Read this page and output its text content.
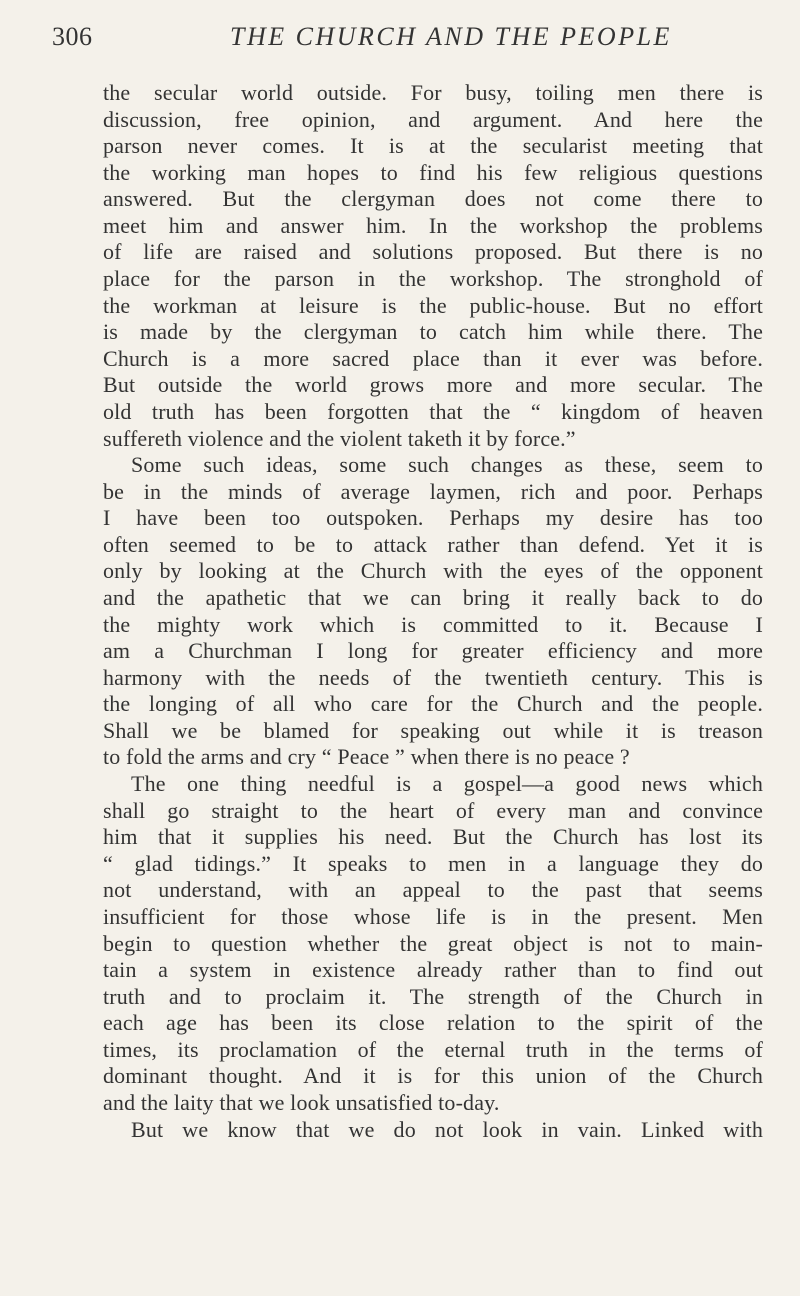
306	THE CHURCH AND THE PEOPLE
the secular world outside. For busy, toiling men there is
discussion, free opinion, and argument. And here the
parson never comes. It is at the secularist meeting that
the working man hopes to find his few religious questions
answered. But the clergyman does not come there to
meet him and answer him. In the workshop the problems
of life are raised and solutions proposed. But there is no
place for the parson in the workshop. The stronghold of
the workman at leisure is the public-house. But no effort
is made by the clergyman to catch him while there. The
Church is a more sacred place than it ever was before.
But outside the world grows more and more secular. The
old truth has been forgotten that the “ kingdom of heaven
suffereth violence and the violent taketh it by force.”
Some such ideas, some such changes as these, seem to
be in the minds of average laymen, rich and poor. Perhaps
I have been too outspoken. Perhaps my desire has too
often seemed to be to attack rather than defend. Yet it is
only by looking at the Church with the eyes of the opponent
and the apathetic that we can bring it really back to do
the mighty work which is committed to it. Because I
am a Churchman I long for greater efficiency and more
harmony with the needs of the twentieth century. This is
the longing of all who care for the Church and the people.
Shall we be blamed for speaking out while it is treason
to fold the arms and cry “ Peace ” when there is no peace ?
The one thing needful is a gospel—a good news which
shall go straight to the heart of every man and convince
him that it supplies his need. But the Church has lost its
“ glad tidings.” It speaks to men in a language they do
not understand, with an appeal to the past that seems
insufficient for those whose life is in the present. Men
begin to question whether the great object is not to main-
tain a system in existence already rather than to find out
truth and to proclaim it. The strength of the Church in
each age has been its close relation to the spirit of the
times, its proclamation of the eternal truth in the terms of
dominant thought. And it is for this union of the Church
and the laity that we look unsatisfied to-day.
But we know that we do not look in vain. Linked with
